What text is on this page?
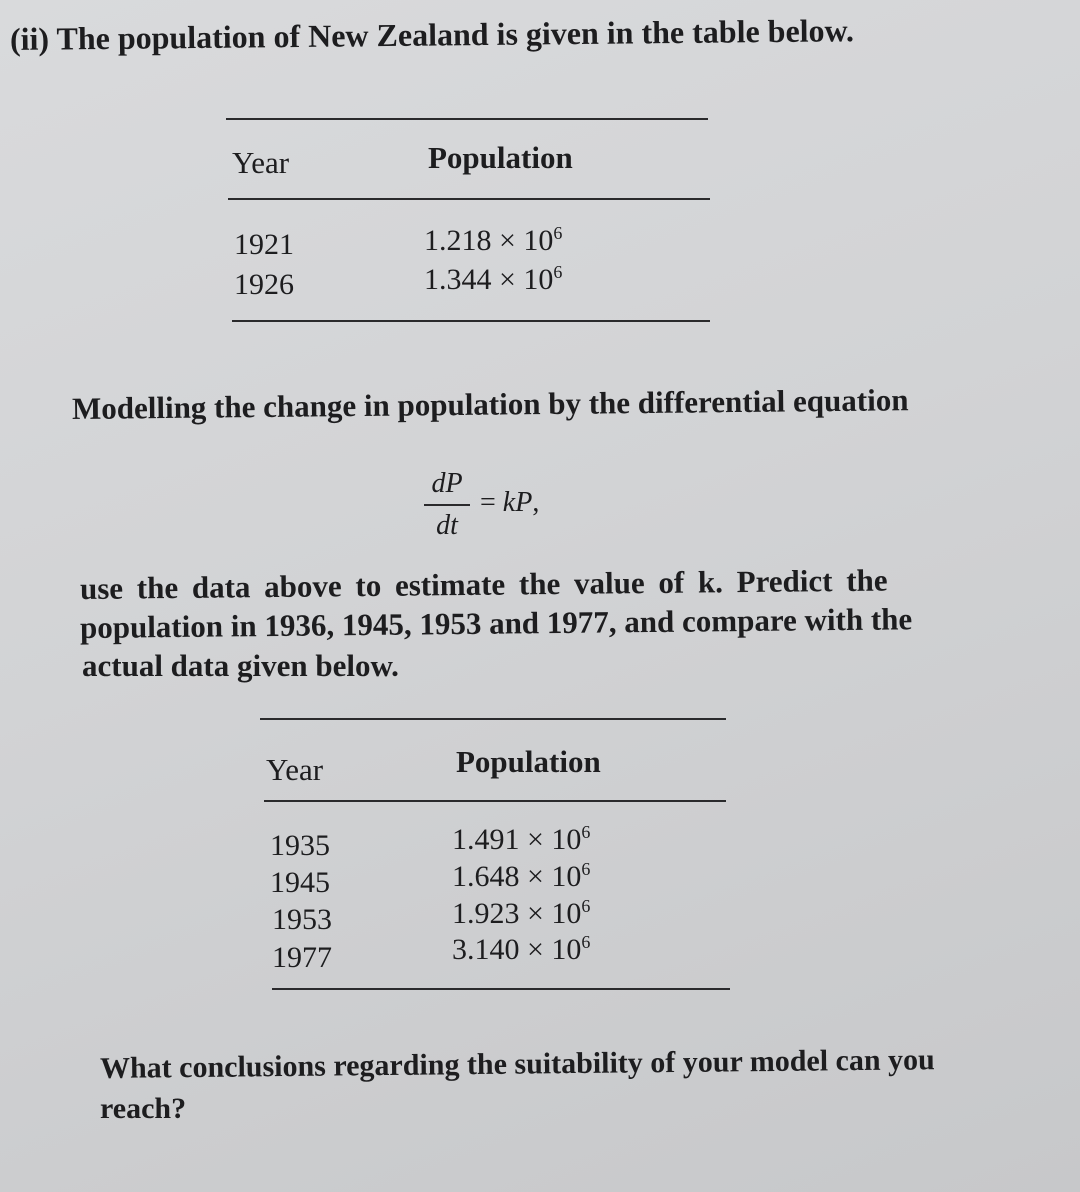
(ii) The population of New Zealand is given in the table below.
Year	Population
1921	$1.218 \times 10^6$
1926	$1.344 \times 10^6$
Modelling the change in population by the differential equation
dP
dt
= kP,
use the data above to estimate the value of k. Predict the
population in 1936, 1945, 1953 and 1977, and compare with the
actual data given below.
Year	Population
1935	$1.491 \times 10^6$
1945	$1.648 \times 10^6$
1953	$1.923 \times 10^6$
1977	$3.140 \times 10^6$
What conclusions regarding the suitability of your model can you
reach?
